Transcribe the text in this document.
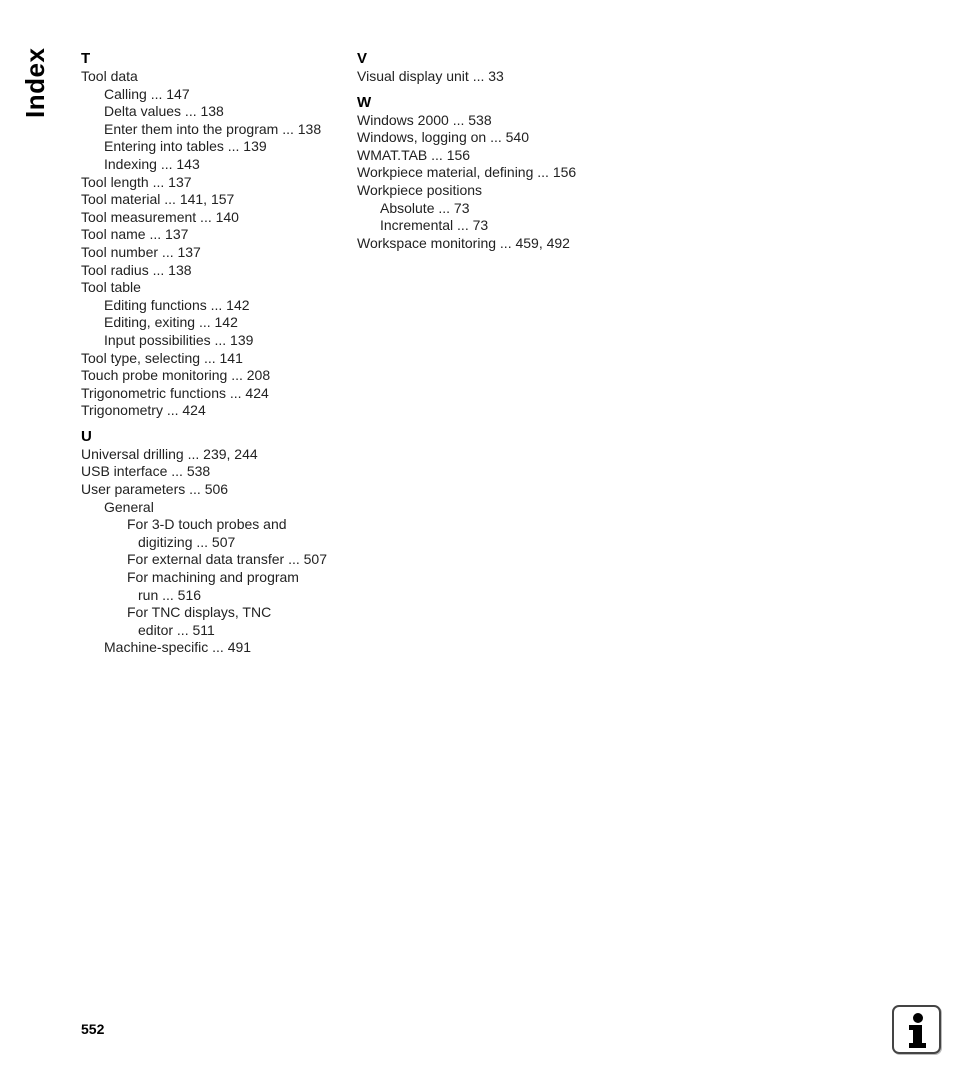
Index T
Tool data
Calling ... 147
Delta values ... 138
Enter them into the program ... 138
Entering into tables ... 139
Indexing ... 143
Tool length ... 137
Tool material ... 141, 157
Tool measurement ... 140
Tool name ... 137
Tool number ... 137
Tool radius ... 138
Tool table
Editing functions ... 142
Editing, exiting ... 142
Input possibilities ... 139
Tool type, selecting ... 141
Touch probe monitoring ... 208
Trigonometric functions ... 424
Trigonometry ... 424
U
Universal drilling ... 239, 244
USB interface ... 538
User parameters ... 506
General
For 3-D touch probes and
digitizing ... 507
For external data transfer ... 507
For machining and program
run ... 516
For TNC displays, TNC
editor ... 511
Machine-specific ... 491
V
Visual display unit ... 33
W
Windows 2000 ... 538
Windows, logging on ... 540
WMAT.TAB ... 156
Workpiece material, defining ... 156
Workpiece positions
Absolute ... 73
Incremental ... 73
Workspace monitoring ... 459, 492
552
